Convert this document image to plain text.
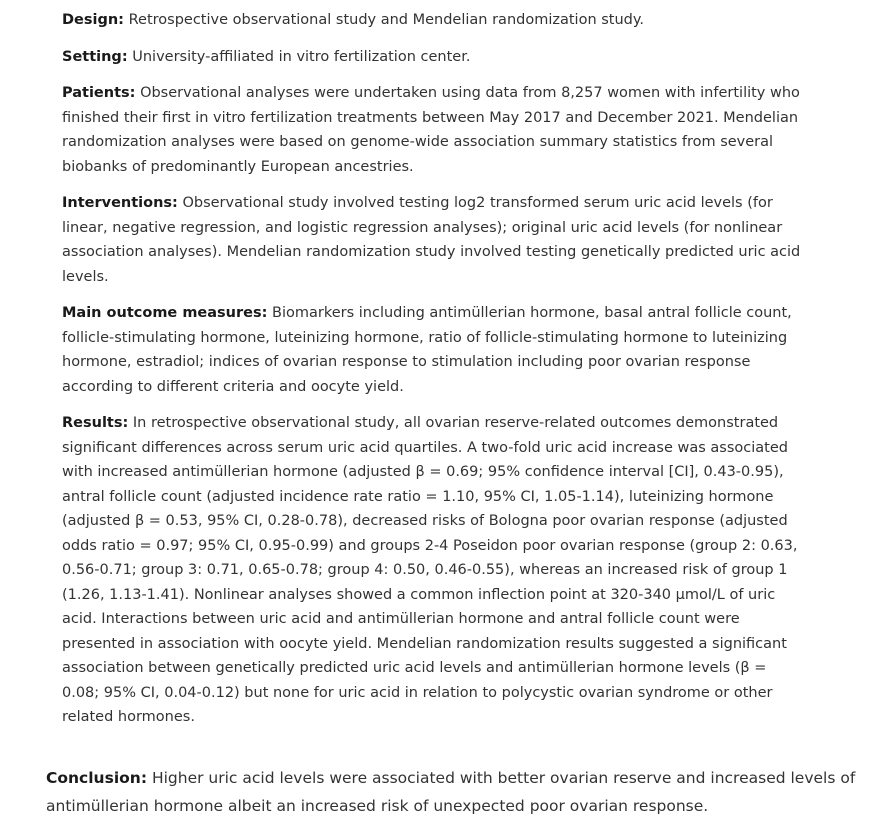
Design: Retrospective observational study and Mendelian randomization study.

Setting: University-affiliated in vitro fertilization center.

Patients: Observational analyses were undertaken using data from 8,257 women with infertility who finished their first in vitro fertilization treatments between May 2017 and December 2021. Mendelian randomization analyses were based on genome-wide association summary statistics from several biobanks of predominantly European ancestries.

Interventions: Observational study involved testing log2 transformed serum uric acid levels (for linear, negative regression, and logistic regression analyses); original uric acid levels (for nonlinear association analyses). Mendelian randomization study involved testing genetically predicted uric acid levels.

Main outcome measures: Biomarkers including antimüllerian hormone, basal antral follicle count, follicle-stimulating hormone, luteinizing hormone, ratio of follicle-stimulating hormone to luteinizing hormone, estradiol; indices of ovarian response to stimulation including poor ovarian response according to different criteria and oocyte yield.

Results: In retrospective observational study, all ovarian reserve-related outcomes demonstrated significant differences across serum uric acid quartiles. A two-fold uric acid increase was associated with increased antimüllerian hormone (adjusted β = 0.69; 95% confidence interval [CI], 0.43-0.95), antral follicle count (adjusted incidence rate ratio = 1.10, 95% CI, 1.05-1.14), luteinizing hormone (adjusted β = 0.53, 95% CI, 0.28-0.78), decreased risks of Bologna poor ovarian response (adjusted odds ratio = 0.97; 95% CI, 0.95-0.99) and groups 2-4 Poseidon poor ovarian response (group 2: 0.63, 0.56-0.71; group 3: 0.71, 0.65-0.78; group 4: 0.50, 0.46-0.55), whereas an increased risk of group 1 (1.26, 1.13-1.41). Nonlinear analyses showed a common inflection point at 320-340 μmol/L of uric acid. Interactions between uric acid and antimüllerian hormone and antral follicle count were presented in association with oocyte yield. Mendelian randomization results suggested a significant association between genetically predicted uric acid levels and antimüllerian hormone levels (β = 0.08; 95% CI, 0.04-0.12) but none for uric acid in relation to polycystic ovarian syndrome or other related hormones.

Conclusion: Higher uric acid levels were associated with better ovarian reserve and increased levels of antimüllerian hormone albeit an increased risk of unexpected poor ovarian response.
